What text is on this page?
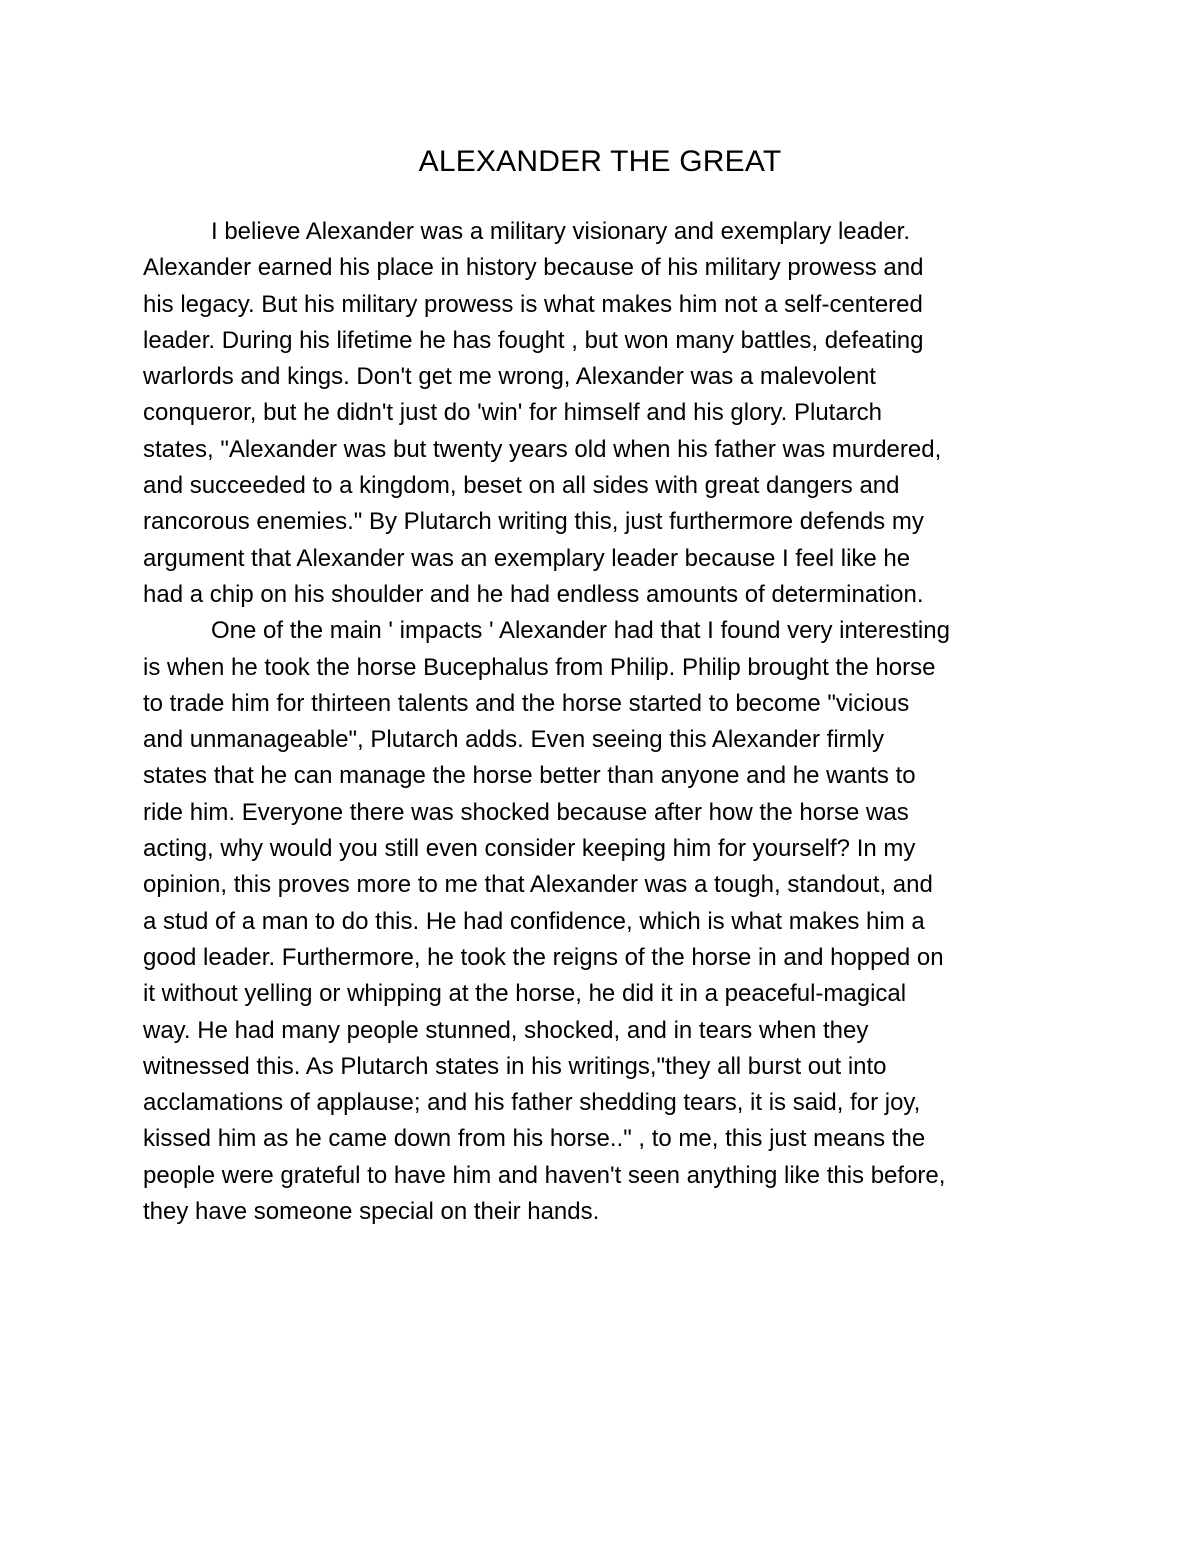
ALEXANDER THE GREAT
I believe Alexander was a military visionary and exemplary leader.
Alexander earned his place in history because of his military prowess and
his legacy. But his military prowess is what makes him not a self-centered
leader. During his lifetime he has fought , but won many battles, defeating
warlords and kings. Don't get me wrong, Alexander was a malevolent
conqueror, but he didn't just do 'win' for himself and his glory. Plutarch
states, "Alexander was but twenty years old when his father was murdered,
and succeeded to a kingdom, beset on all sides with great dangers and
rancorous enemies." By Plutarch writing this, just furthermore defends my
argument that Alexander was an exemplary leader because I feel like he
had a chip on his shoulder and he had endless amounts of determination.
One of the main ' impacts ' Alexander had that I found very interesting
is when he took the horse Bucephalus from Philip. Philip brought the horse
to trade him for thirteen talents and the horse started to become "vicious
and unmanageable", Plutarch adds. Even seeing this Alexander firmly
states that he can manage the horse better than anyone and he wants to
ride him. Everyone there was shocked because after how the horse was
acting, why would you still even consider keeping him for yourself? In my
opinion, this proves more to me that Alexander was a tough, standout, and
a stud of a man to do this. He had confidence, which is what makes him a
good leader. Furthermore, he took the reigns of the horse in and hopped on
it without yelling or whipping at the horse, he did it in a peaceful-magical
way. He had many people stunned, shocked, and in tears when they
witnessed this. As Plutarch states in his writings,"they all burst out into
acclamations of applause; and his father shedding tears, it is said, for joy,
kissed him as he came down from his horse.." , to me, this just means the
people were grateful to have him and haven't seen anything like this before,
they have someone special on their hands.
